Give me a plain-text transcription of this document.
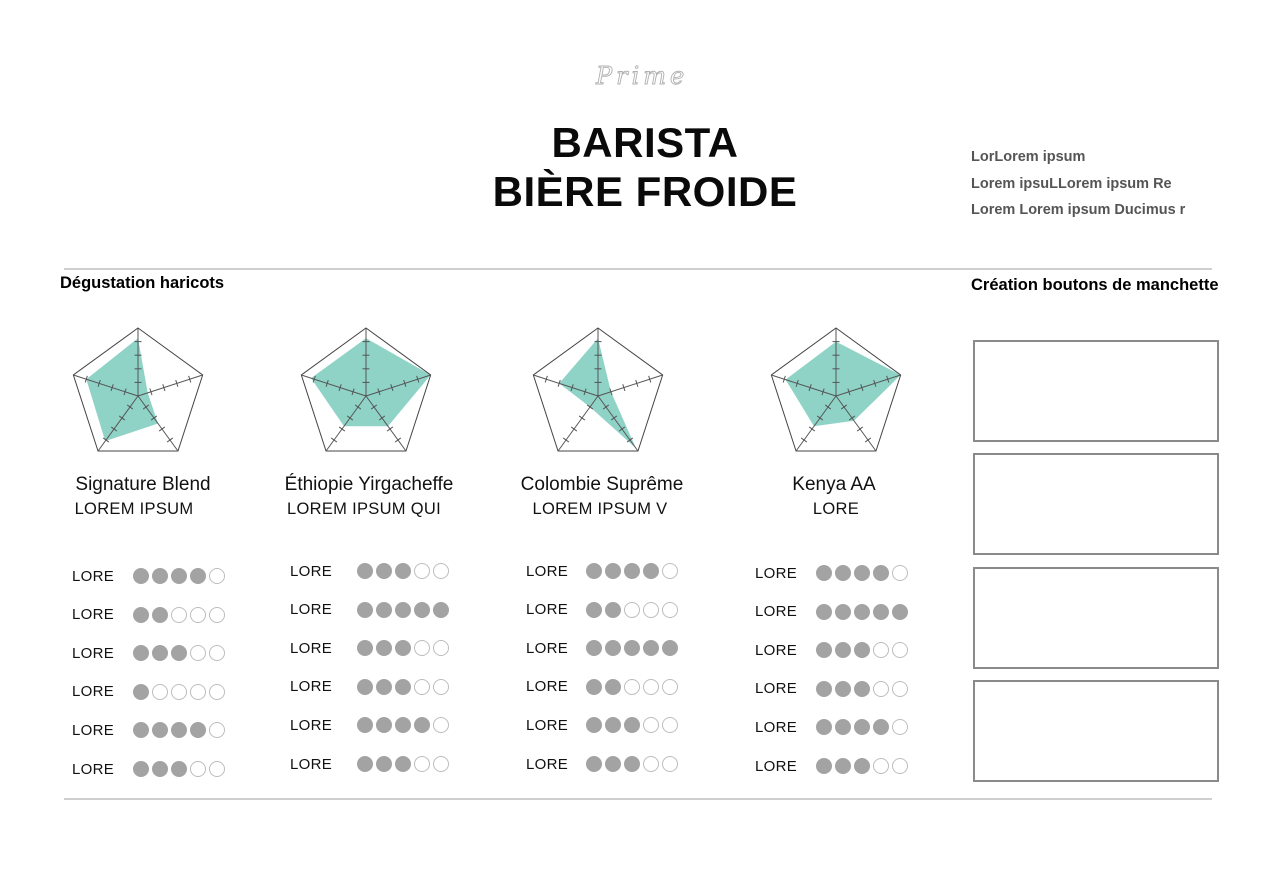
Prime
BARISTA
BIÈRE FROIDE
LorLorem ipsum
Lorem ipsuLLorem ipsum Re
Lorem Lorem ipsum Ducimus r
Dégustation haricots	Création boutons de manchette
Signature Blend
LOREM IPSUM
Éthiopie Yirgacheffe
LOREM IPSUM QUI
Colombie Suprême
LOREM IPSUM V
Kenya AA
LORE
LORE
LORE
LORE
LORE
LORE
LORE
LORE
LORE
LORE
LORE
LORE
LORE
LORE
LORE
LORE
LORE
LORE
LORE
LORE
LORE
LORE
LORE
LORE
LORE
